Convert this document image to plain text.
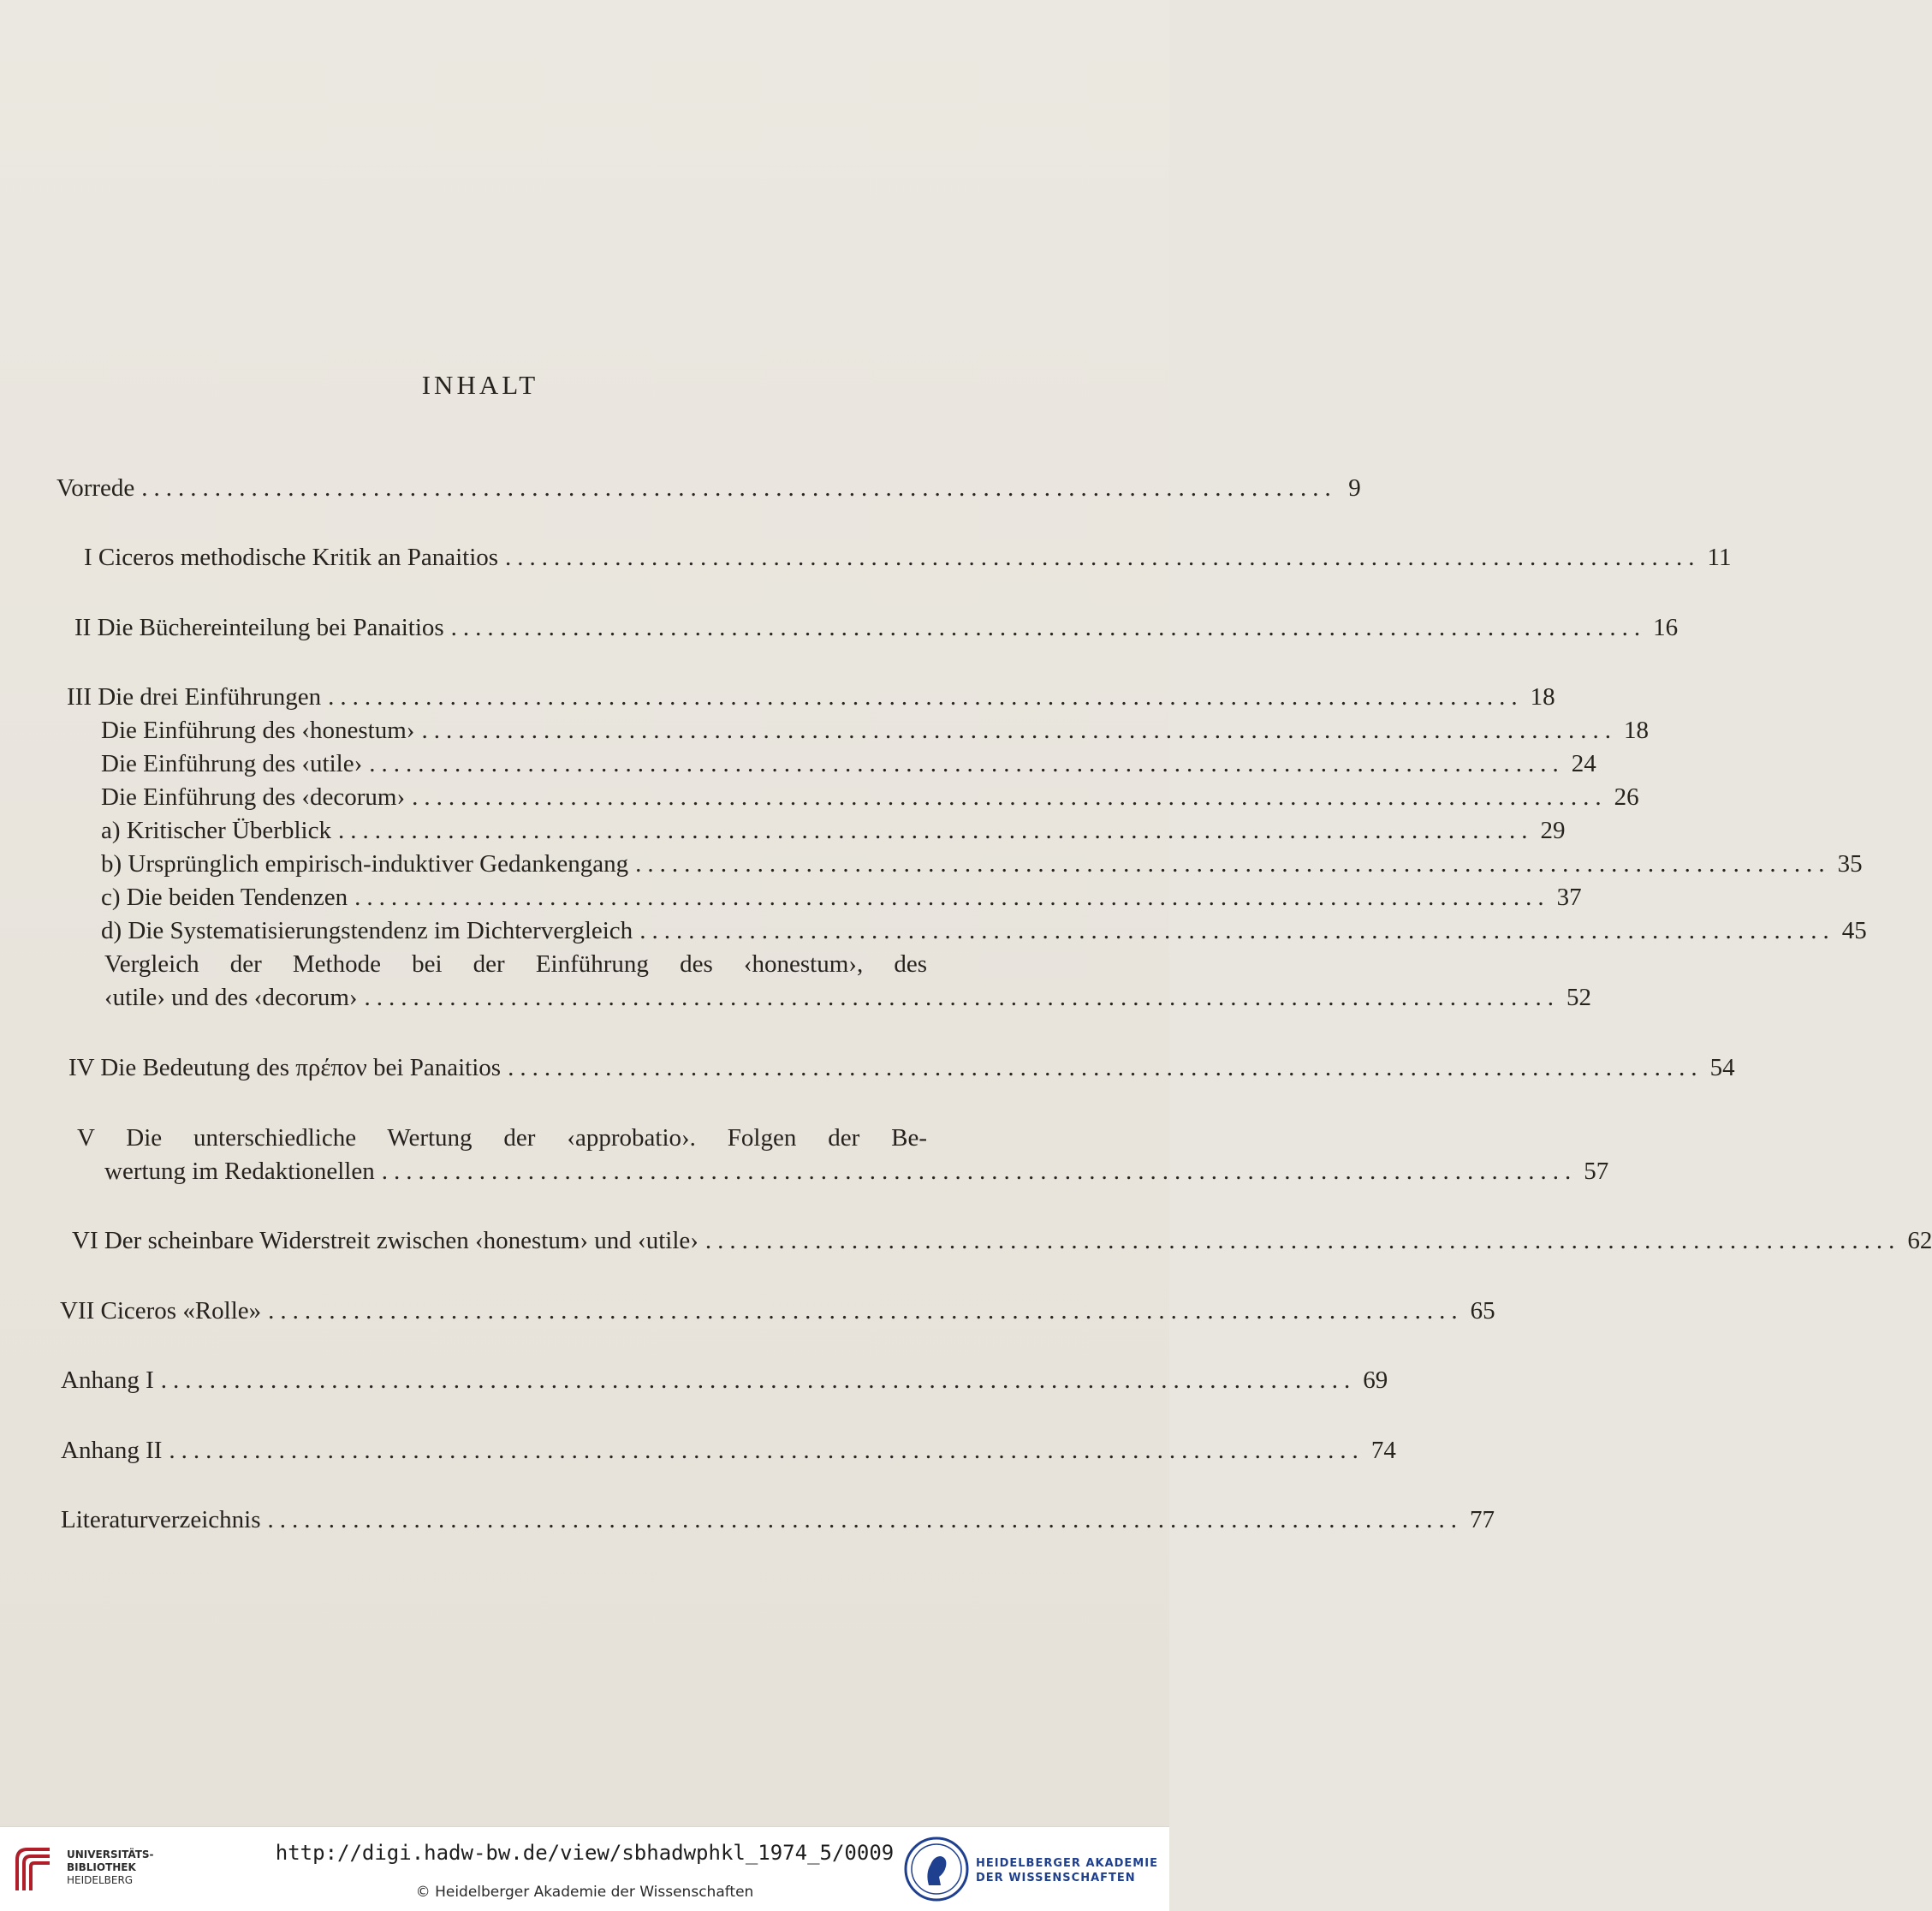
INHALT
Vorrede .................................................................................................. 9
I Ciceros methodische Kritik an Panaitios .................................................................................................. 11
II Die Büchereinteilung bei Panaitios .................................................................................................. 16
III Die drei Einführungen .................................................................................................. 18
Die Einführung des ‹honestum› .................................................................................................. 18
Die Einführung des ‹utile› .................................................................................................. 24
Die Einführung des ‹decorum› .................................................................................................. 26
a) Kritischer Überblick .................................................................................................. 29
b) Ursprünglich empirisch-induktiver Gedankengang .................................................................................................. 35
c) Die beiden Tendenzen .................................................................................................. 37
d) Die Systematisierungstendenz im Dichtervergleich .................................................................................................. 45
Vergleich der Methode bei der Einführung des ‹honestum›, des
‹utile› und des ‹decorum› .................................................................................................. 52
IV Die Bedeutung des πρέπον bei Panaitios .................................................................................................. 54
V Die unterschiedliche Wertung der ‹approbatio›. Folgen der Be-
wertung im Redaktionellen .................................................................................................. 57
VI Der scheinbare Widerstreit zwischen ‹honestum› und ‹utile› .................................................................................................. 62
VII Ciceros «Rolle» .................................................................................................. 65
Anhang I .................................................................................................. 69
Anhang II .................................................................................................. 74
Literaturverzeichnis .................................................................................................. 77
UNIVERSITÄTS-
BIBLIOTHEK
HEIDELBERG
http://digi.hadw-bw.de/view/sbhadwphkl_1974_5/0009
© Heidelberger Akademie der Wissenschaften
HEIDELBERGER AKADEMIE
DER WISSENSCHAFTEN
